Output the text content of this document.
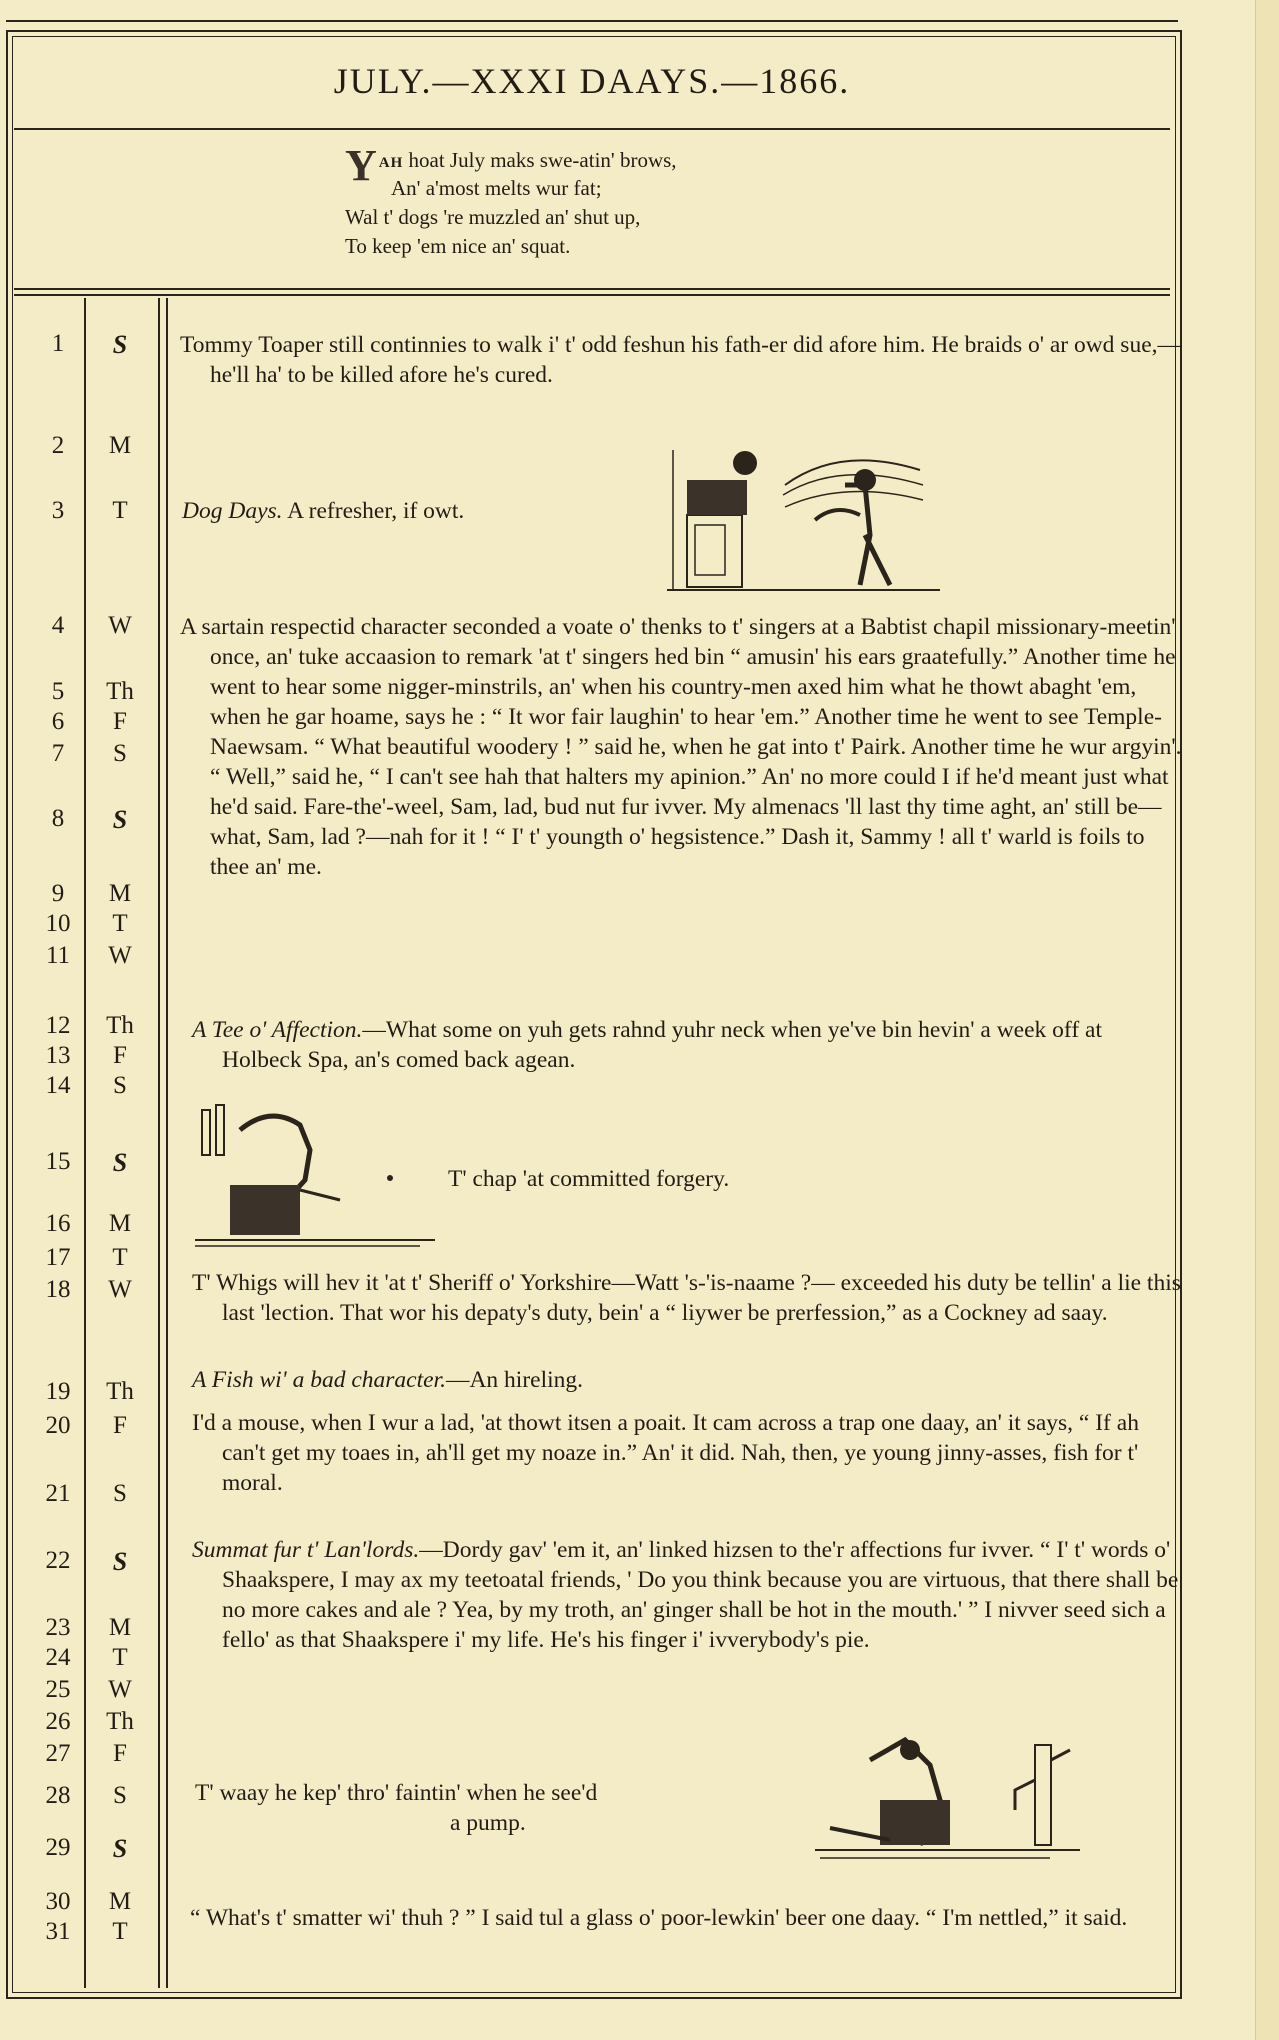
JULY.—XXXI DAAYS.—1866.
YAH hoat July maks swe-atin' brows,
An' a'most melts wur fat;
Wal t' dogs 're muzzled an' shut up,
To keep 'em nice an' squat.
1	S
2	M
3	T
4	W
5	Th
6	F
7	S
8	S
9	M
10	T
11	W
12	Th
13	F
14	S
15	S
16	M
17	T
18	W
19	Th
20	F
21	S
22	S
23	M
24	T
25	W
26	Th
27	F
28	S
29	S
30	M
31	T
Tommy Toaper still continnies to walk i' t' odd feshun his fath-er did afore him. He braids o' ar owd sue,—he'll ha' to be killed afore he's cured.
Dog Days. A refresher, if owt.
A sartain respectid character seconded a voate o' thenks to t' singers at a Babtist chapil missionary-meetin' once, an' tuke accaasion to remark 'at t' singers hed bin “ amusin' his ears graatefully.” Another time he went to hear some nigger-minstrils, an' when his country-men axed him what he thowt abaght 'em, when he gar hoame, says he : “ It wor fair laughin' to hear 'em.” Another time he went to see Temple-Naewsam. “ What beautiful woodery ! ” said he, when he gat into t' Pairk. Another time he wur argyin'. “ Well,” said he, “ I can't see hah that halters my apinion.” An' no more could I if he'd meant just what he'd said. Fare-the'-weel, Sam, lad, bud nut fur ivver. My almenacs 'll last thy time aght, an' still be— what, Sam, lad ?—nah for it ! “ I' t' youngth o' hegsistence.” Dash it, Sammy ! all t' warld is foils to thee an' me.
A Tee o' Affection.—What some on yuh gets rahnd yuhr neck when ye've bin hevin' a week off at Holbeck Spa, an's comed back agean.
T' chap 'at committed forgery.
T' Whigs will hev it 'at t' Sheriff o' Yorkshire—Watt 's-'is-naame ?— exceeded his duty be tellin' a lie this last 'lection. That wor his depaty's duty, bein' a “ liywer be prerfession,” as a Cockney ad saay.
A Fish wi' a bad character.—An hireling.
I'd a mouse, when I wur a lad, 'at thowt itsen a poait. It cam across a trap one daay, an' it says, “ If ah can't get my toaes in, ah'll get my noaze in.” An' it did. Nah, then, ye young jinny-asses, fish for t' moral.
Summat fur t' Lan'lords.—Dordy gav' 'em it, an' linked hizsen to the'r affections fur ivver. “ I' t' words o' Shaakspere, I may ax my teetoatal friends, ' Do you think because you are virtuous, that there shall be no more cakes and ale ? Yea, by my troth, an' ginger shall be hot in the mouth.' ” I nivver seed sich a fello' as that Shaakspere i' my life. He's his finger i' ivverybody's pie.
T' waay he kep' thro' faintin' when he see'd
a pump.
“ What's t' smatter wi' thuh ? ” I said tul a glass o' poor-lewkin' beer one daay. “ I'm nettled,” it said.
